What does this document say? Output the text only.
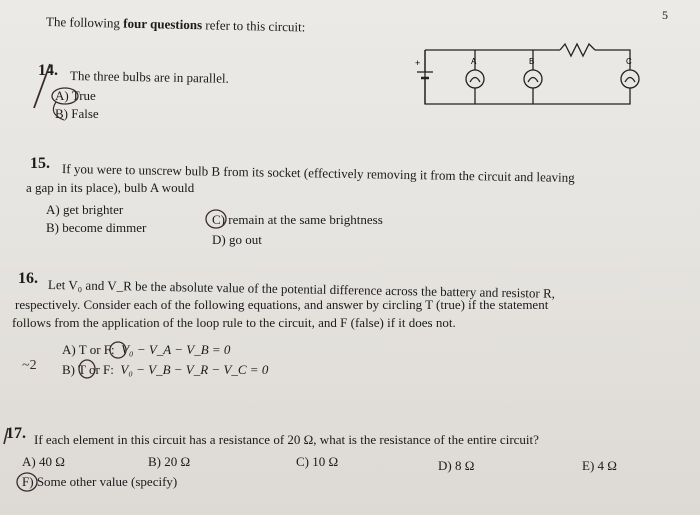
5
The following four questions refer to this circuit:
+	A	B	C
14. The three bulbs are in parallel.
A) True
B) False
15. If you were to unscrew bulb B from its socket (effectively removing it from the circuit and leaving
a gap in its place), bulb A would
A) get brighter
B) become dimmer
C) remain at the same brightness
D) go out
16. Let V₀ and V_R be the absolute value of the potential difference across the battery and resistor R,
respectively. Consider each of the following equations, and answer by circling T (true) if the statement
follows from the application of the loop rule to the circuit, and F (false) if it does not.
A) T or F: V₀ − V_A − V_B = 0
B) T or F: V₀ − V_B − V_R − V_C = 0
~2
17. If each element in this circuit has a resistance of 20 Ω, what is the resistance of the entire circuit?
A) 40 Ω	B) 20 Ω	C) 10 Ω	D) 8 Ω	E) 4 Ω
F) Some other value (specify)
